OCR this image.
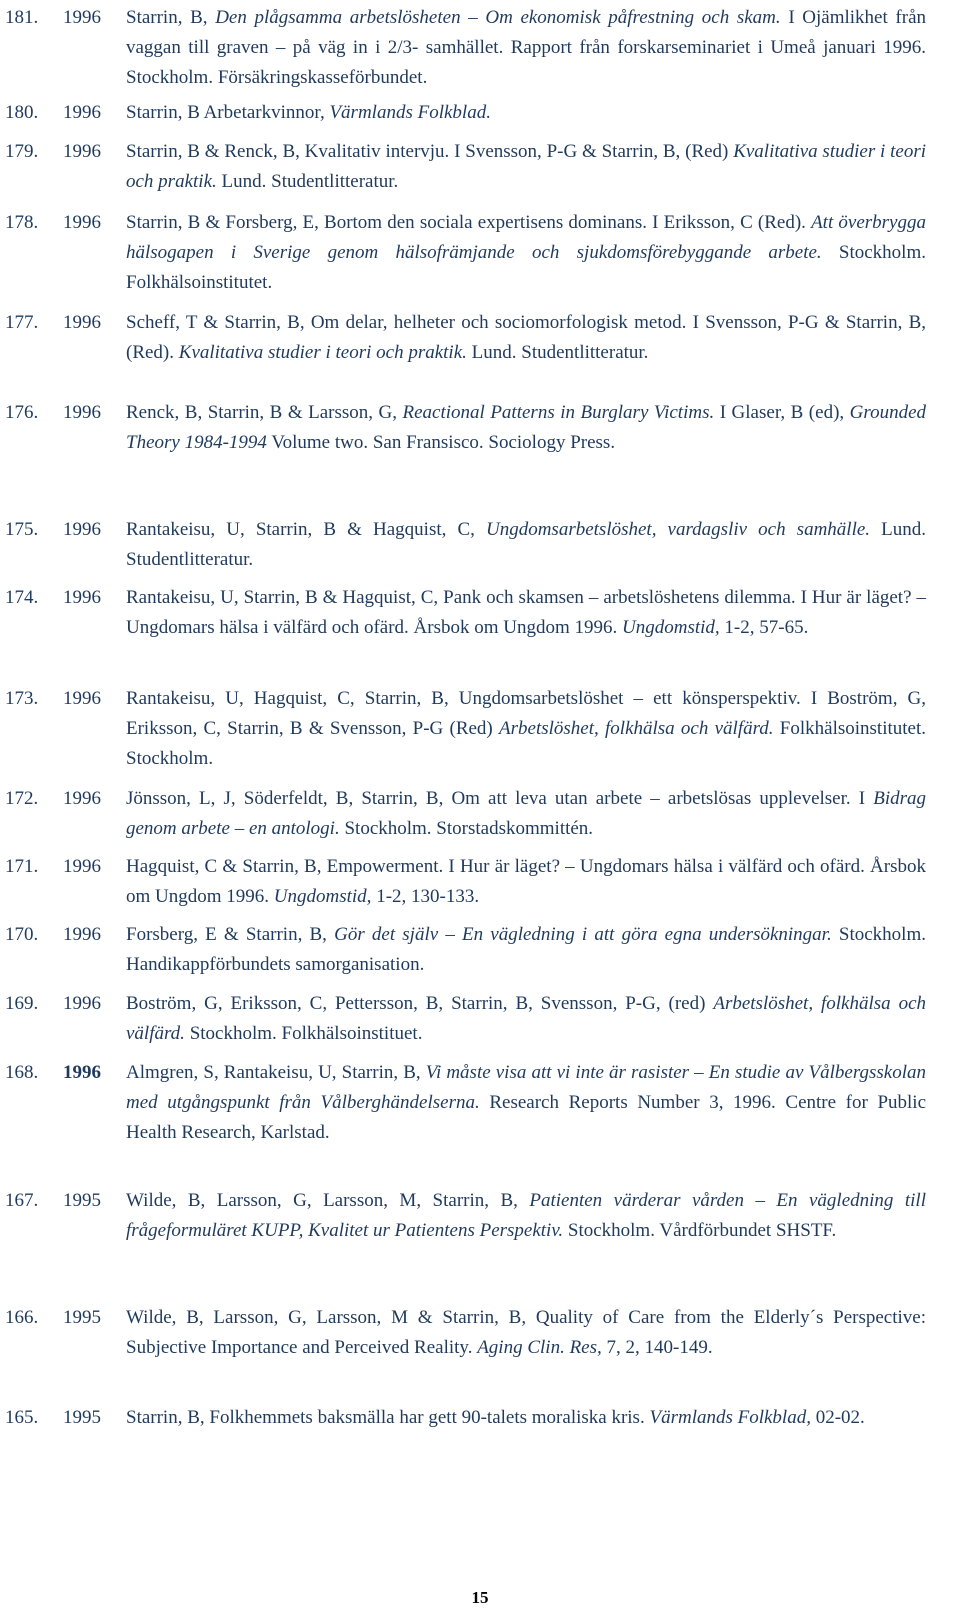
181.	1996	Starrin, B, Den plågsamma arbetslösheten – Om ekonomisk påfrestning och skam. I Ojämlikhet från vaggan till graven – på väg in i 2/3- samhället. Rapport från forskarseminariet i Umeå januari 1996. Stockholm. Försäkringskasseförbundet.
180.	1996	Starrin, B Arbetarkvinnor, Värmlands Folkblad.
179.	1996	Starrin, B & Renck, B, Kvalitativ intervju. I Svensson, P-G & Starrin, B, (Red) Kvalitativa studier i teori och praktik. Lund. Studentlitteratur.
178.	1996	Starrin, B & Forsberg, E, Bortom den sociala expertisens dominans. I Eriksson, C (Red). Att överbrygga hälsogapen i Sverige genom hälsofrämjande och sjukdomsförebyggande arbete. Stockholm. Folkhälsoinstitutet.
177.	1996	Scheff, T & Starrin, B, Om delar, helheter och sociomorfologisk metod. I Svensson, P-G & Starrin, B, (Red). Kvalitativa studier i teori och praktik. Lund. Studentlitteratur.
176.	1996	Renck, B, Starrin, B & Larsson, G, Reactional Patterns in Burglary Victims. I Glaser, B (ed), Grounded Theory 1984-1994 Volume two. San Fransisco. Sociology Press.
175.	1996	Rantakeisu, U, Starrin, B & Hagquist, C, Ungdomsarbetslöshet, vardagsliv och samhälle. Lund. Studentlitteratur.
174.	1996	Rantakeisu, U, Starrin, B & Hagquist, C, Pank och skamsen – arbetslöshetens dilemma. I Hur är läget? – Ungdomars hälsa i välfärd och ofärd. Årsbok om Ungdom 1996. Ungdomstid, 1-2, 57-65.
173.	1996	Rantakeisu, U, Hagquist, C, Starrin, B, Ungdomsarbetslöshet – ett könsperspektiv. I Boström, G, Eriksson, C, Starrin, B & Svensson, P-G (Red) Arbetslöshet, folkhälsa och välfärd. Folkhälsoinstitutet. Stockholm.
172.	1996	Jönsson, L, J, Söderfeldt, B, Starrin, B, Om att leva utan arbete – arbetslösas upplevelser. I Bidrag genom arbete – en antologi. Stockholm. Storstadskommittén.
171.	1996	Hagquist, C & Starrin, B, Empowerment. I Hur är läget? – Ungdomars hälsa i välfärd och ofärd. Årsbok om Ungdom 1996. Ungdomstid, 1-2, 130-133.
170.	1996	Forsberg, E & Starrin, B, Gör det själv – En vägledning i att göra egna undersökningar. Stockholm. Handikappförbundets samorganisation.
169.	1996	Boström, G, Eriksson, C, Pettersson, B, Starrin, B, Svensson, P-G, (red) Arbetslöshet, folkhälsa och välfärd. Stockholm. Folkhälsoinstituet.
168.	1996	Almgren, S, Rantakeisu, U, Starrin, B, Vi måste visa att vi inte är rasister – En studie av Vålbergsskolan med utgångspunkt från Vålberghändelserna. Research Reports Number 3, 1996. Centre for Public Health Research, Karlstad.
167.	1995	Wilde, B, Larsson, G, Larsson, M, Starrin, B, Patienten värderar vården – En vägledning till frågeformuläret KUPP, Kvalitet ur Patientens Perspektiv. Stockholm. Vårdförbundet SHSTF.
166.	1995	Wilde, B, Larsson, G, Larsson, M & Starrin, B, Quality of Care from the Elderly´s Perspective: Subjective Importance and Perceived Reality. Aging Clin. Res, 7, 2, 140-149.
165.	1995	Starrin, B, Folkhemmets baksmälla har gett 90-talets moraliska kris. Värmlands Folkblad, 02-02.
15
